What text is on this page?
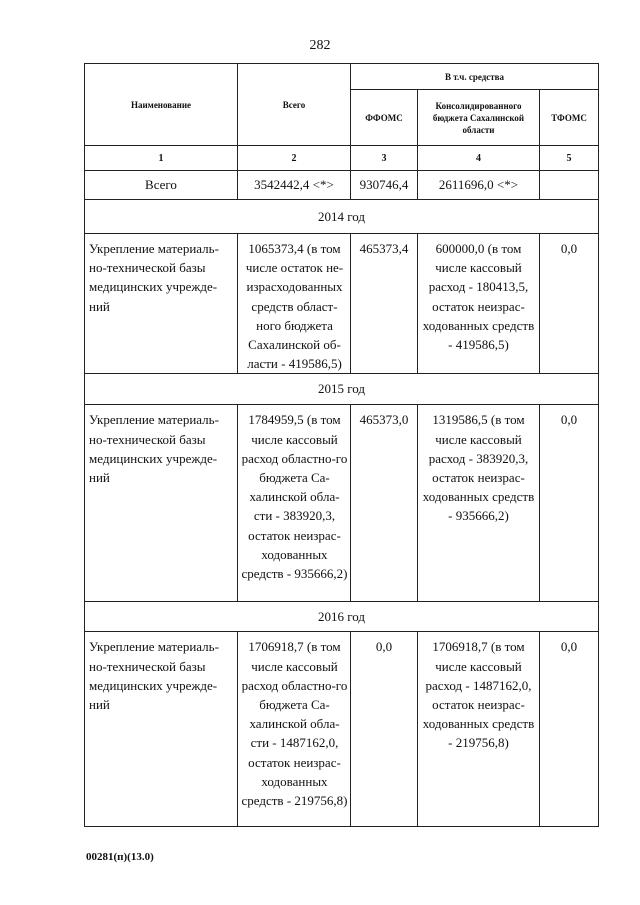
282
Наименование	Всего	В т.ч. средства		
		ФФОМС	Консолидированного бюджета Сахалинской области	ТФОМС
1	2	3	4	5
Всего	3542442,4 <*>	930746,4	2611696,0 <*>	
2014 год				
Укрепление материаль-но-технической базы медицинских учрежде-ний	1065373,4 (в том числе остаток не-израсходованных средств област-ного бюджета Сахалинской об-ласти - 419586,5)	465373,4	600000,0 (в том числе кассовый расход - 180413,5, остаток неизрас-ходованных средств - 419586,5)	0,0
2015 год				
Укрепление материаль-но-технической базы медицинских учрежде-ний	1784959,5 (в том числе кассовый расход областно-го бюджета Са-халинской обла-сти - 383920,3, остаток неизрас-ходованных средств - 935666,2)	465373,0	1319586,5 (в том числе кассовый расход - 383920,3, остаток неизрас-ходованных средств - 935666,2)	0,0
2016 год				
Укрепление материаль-но-технической базы медицинских учрежде-ний	1706918,7 (в том числе кассовый расход областно-го бюджета Са-халинской обла-сти - 1487162,0, остаток неизрас-ходованных средств - 219756,8)	0,0	1706918,7 (в том числе кассовый расход - 1487162,0, остаток неизрас-ходованных средств - 219756,8)	0,0
00281(п)(13.0)
